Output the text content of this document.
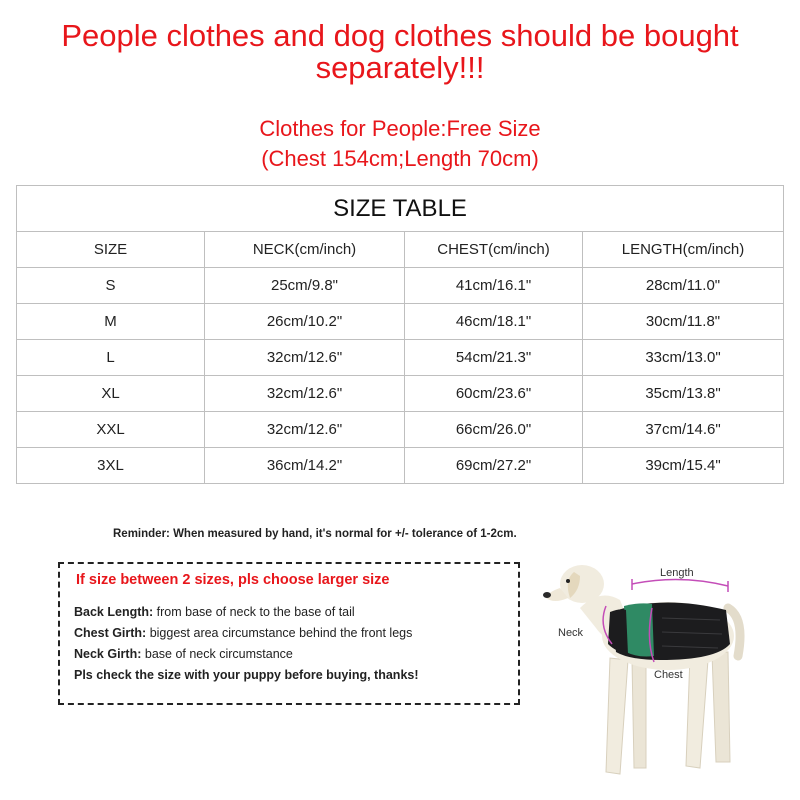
People clothes and dog clothes should be bought
separately!!!
Clothes for People:Free Size
(Chest 154cm;Length 70cm)
SIZE TABLE			
SIZE	NECK(cm/inch)	CHEST(cm/inch)	LENGTH(cm/inch)
S	25cm/9.8"	41cm/16.1"	28cm/11.0"
M	26cm/10.2"	46cm/18.1"	30cm/11.8"
L	32cm/12.6"	54cm/21.3"	33cm/13.0"
XL	32cm/12.6"	60cm/23.6"	35cm/13.8"
XXL	32cm/12.6"	66cm/26.0"	37cm/14.6"
3XL	36cm/14.2"	69cm/27.2"	39cm/15.4"
Reminder: When measured by hand, it's normal for +/- tolerance of 1-2cm.
If size between 2 sizes, pls choose larger size
Back Length: from base of neck to the base of tail
Chest Girth: biggest area circumstance behind the front legs
Neck Girth: base of neck circumstance
Pls check the size with your puppy before buying, thanks!
Length
Neck
Chest
